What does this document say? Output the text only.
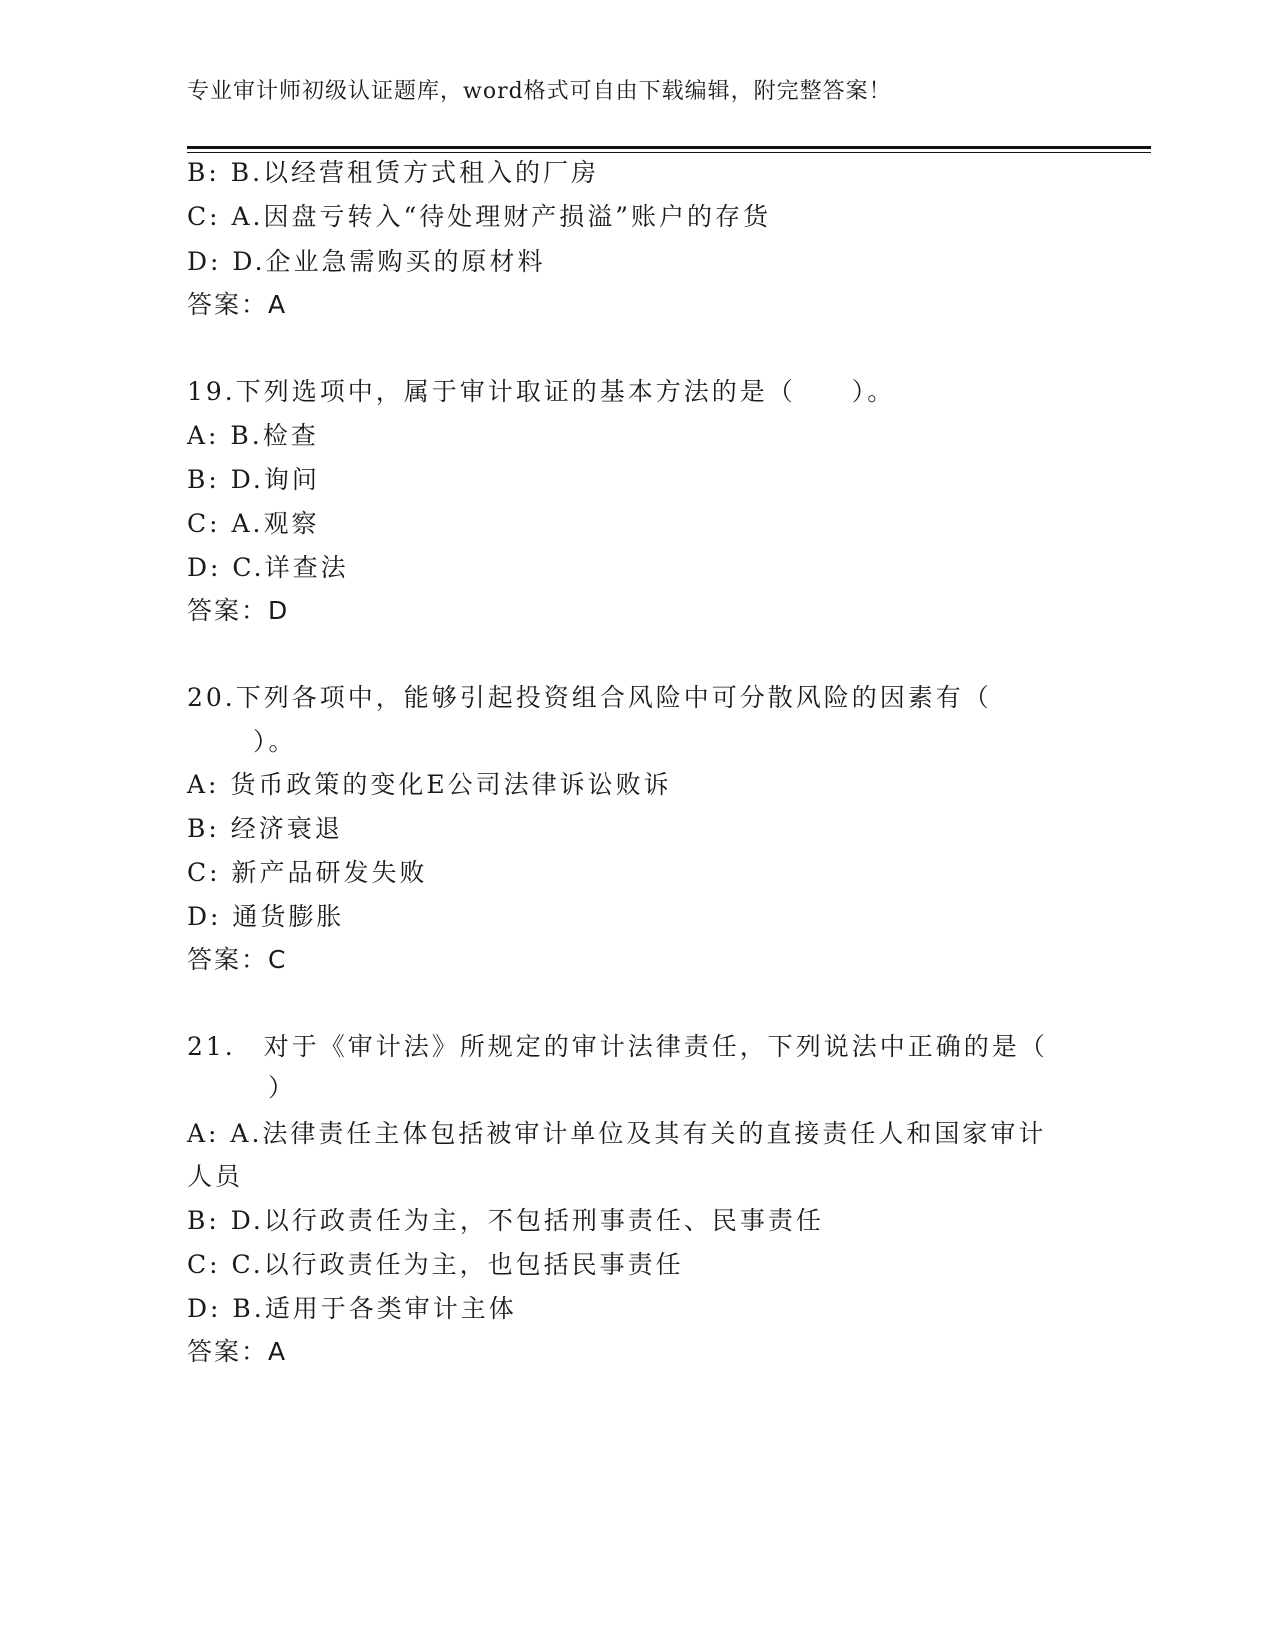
专业审计师初级认证题库，word格式可自由下载编辑，附完整答案！
B: B.以经营租赁方式租入的厂房
C: A.因盘亏转入“待处理财产损溢”账户的存货
D: D.企业急需购买的原材料
答案：A
19.下列选项中，属于审计取证的基本方法的是（　　）。
A: B.检查
B: D.询问
C: A.观察
D: C.详查法
答案：D
20.下列各项中，能够引起投资组合风险中可分散风险的因素有（
）。
A: 货币政策的变化E公司法律诉讼败诉
B: 经济衰退
C: 新产品研发失败
D: 通货膨胀
答案：C
21.　对于《审计法》所规定的审计法律责任，下列说法中正确的是（
）
A: A.法律责任主体包括被审计单位及其有关的直接责任人和国家审计
人员
B: D.以行政责任为主，不包括刑事责任、民事责任
C: C.以行政责任为主，也包括民事责任
D: B.适用于各类审计主体
答案：A
